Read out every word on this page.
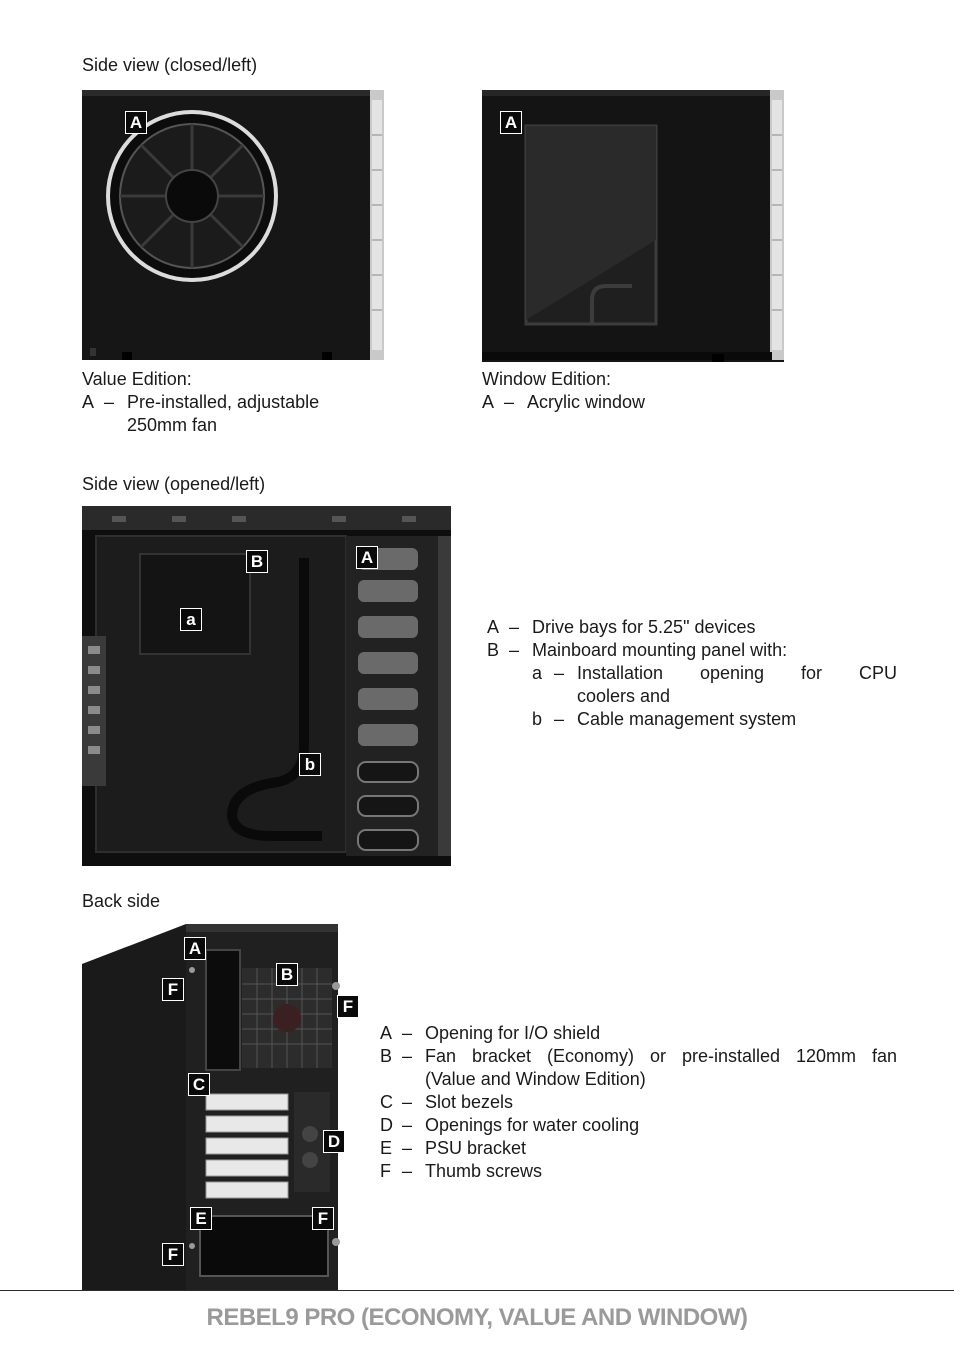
Side view (closed/left)
A	A
Value Edition:
A – Pre-installed, adjustable
250mm fan
Window Edition:
A – Acrylic window
Side view (opened/left)
A
B
a
b
A – Drive bays for 5.25" devices
B – Mainboard mounting panel with:
a – Installation opening for CPU
coolers and
b – Cable management system
Back side
A
B
F
F
C
D
E	F
F
A – Opening for I/O shield
B – Fan bracket (Economy) or pre-installed 120mm fan
(Value and Window Edition)
C – Slot bezels
D – Openings for water cooling
E – PSU bracket
F – Thumb screws
REBEL9 PRO (ECONOMY, VALUE AND WINDOW)
